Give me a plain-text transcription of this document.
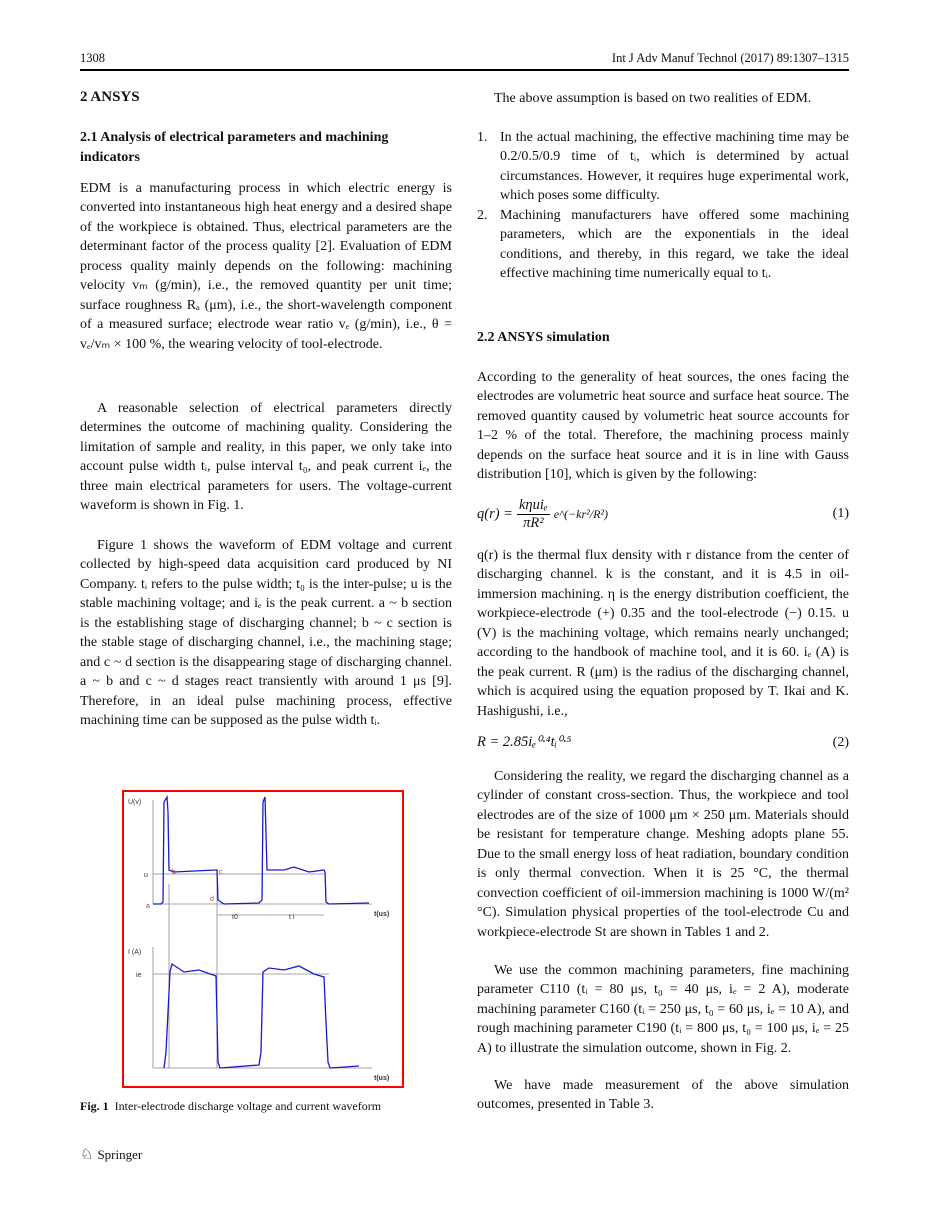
1308	Int J Adv Manuf Technol (2017) 89:1307–1315
2 ANSYS
2.1 Analysis of electrical parameters and machining indicators
EDM is a manufacturing process in which electric energy is converted into instantaneous high heat energy and a desired shape of the workpiece is obtained. Thus, electrical parameters are the determinant factor of the process quality [2]. Evaluation of EDM process quality mainly depends on the following: machining velocity vₘ (g/min), i.e., the removed quantity per unit time; surface roughness Rₐ (μm), i.e., the short-wavelength component of a measured surface; electrode wear ratio vₑ (g/min), i.e., θ = vₑ/vₘ × 100 %, the wearing velocity of tool-electrode.
A reasonable selection of electrical parameters directly determines the outcome of machining quality. Considering the limitation of sample and reality, in this paper, we only take into account pulse width tᵢ, pulse interval t₀, and peak current iₑ, the three main electrical parameters for users. The voltage-current waveform is shown in Fig. 1.
Figure 1 shows the waveform of EDM voltage and current collected by high-speed data acquisition card produced by NI Company. tᵢ refers to the pulse width; t₀ is the inter-pulse; u is the stable machining voltage; and iₑ is the peak current. a ~ b section is the establishing stage of discharging channel; b ~ c section is the stable stage of discharging channel, i.e., the machining stage; and c ~ d section is the disappearing stage of discharging channel. a ~ b and c ~ d stages react transiently with around 1 μs [9]. Therefore, in an ideal pulse machining process, effective machining time can be supposed as the pulse width tᵢ.
U(v)
u
a
b	c
d
t0	t i	t(us)
I (A)
ie
t(us)
Fig. 1 Inter-electrode discharge voltage and current waveform
The above assumption is based on two realities of EDM.
1. In the actual machining, the effective machining time may be 0.2/0.5/0.9 time of tᵢ, which is determined by actual circumstances. However, it requires huge experimental work, which poses some difficulty.
2. Machining manufacturers have offered some machining parameters, which are the exponentials in the ideal conditions, and thereby, in this regard, we take the ideal effective machining time numerically equal to tᵢ.
2.2 ANSYS simulation
According to the generality of heat sources, the ones facing the electrodes are volumetric heat source and surface heat source. The removed quantity caused by volumetric heat source accounts for 1–2 % of the total. Therefore, the machining process mainly depends on the surface heat source and it is in line with Gauss distribution [10], which is given by the following:
$q(r) = \frac{\text{kηuiₑ}}{\text{πR²}}$ e^(−kr²/R²)	(1)
q(r) is the thermal flux density with r distance from the center of discharging channel. k is the constant, and it is 4.5 in oil-immersion machining. η is the energy distribution coefficient, the workpiece-electrode (+) 0.35 and the tool-electrode (−) 0.15. u (V) is the machining voltage, which remains nearly unchanged; according to the handbook of machine tool, and it is 60. iₑ (A) is the peak current. R (μm) is the radius of the discharging channel, which is acquired using the equation proposed by T. Ikai and K. Hashigushi, i.e.,
R = 2.85iₑ⁰·⁴tᵢ⁰·⁵	(2)
Considering the reality, we regard the discharging channel as a cylinder of constant cross-section. Thus, the workpiece and tool electrodes are of the size of 1000 μm × 250 μm. Materials should be resistant for temperature change. Meshing adopts plane 55. Due to the small energy loss of heat radiation, boundary condition is only thermal convection. When it is 25 °C, the thermal convection coefficient of oil-immersion machining is 1000 W/(m² °C). Simulation physical properties of the tool-electrode Cu and workpiece-electrode St are shown in Tables 1 and 2.
We use the common machining parameters, fine machining parameter C110 (tᵢ = 80 μs, t₀ = 40 μs, iₑ = 2 A), moderate machining parameter C160 (tᵢ = 250 μs, t₀ = 60 μs, iₑ = 10 A), and rough machining parameter C190 (tᵢ = 800 μs, t₀ = 100 μs, iₑ = 25 A) to illustrate the simulation outcome, shown in Fig. 2.
We have made measurement of the above simulation outcomes, presented in Table 3.
♘ Springer
